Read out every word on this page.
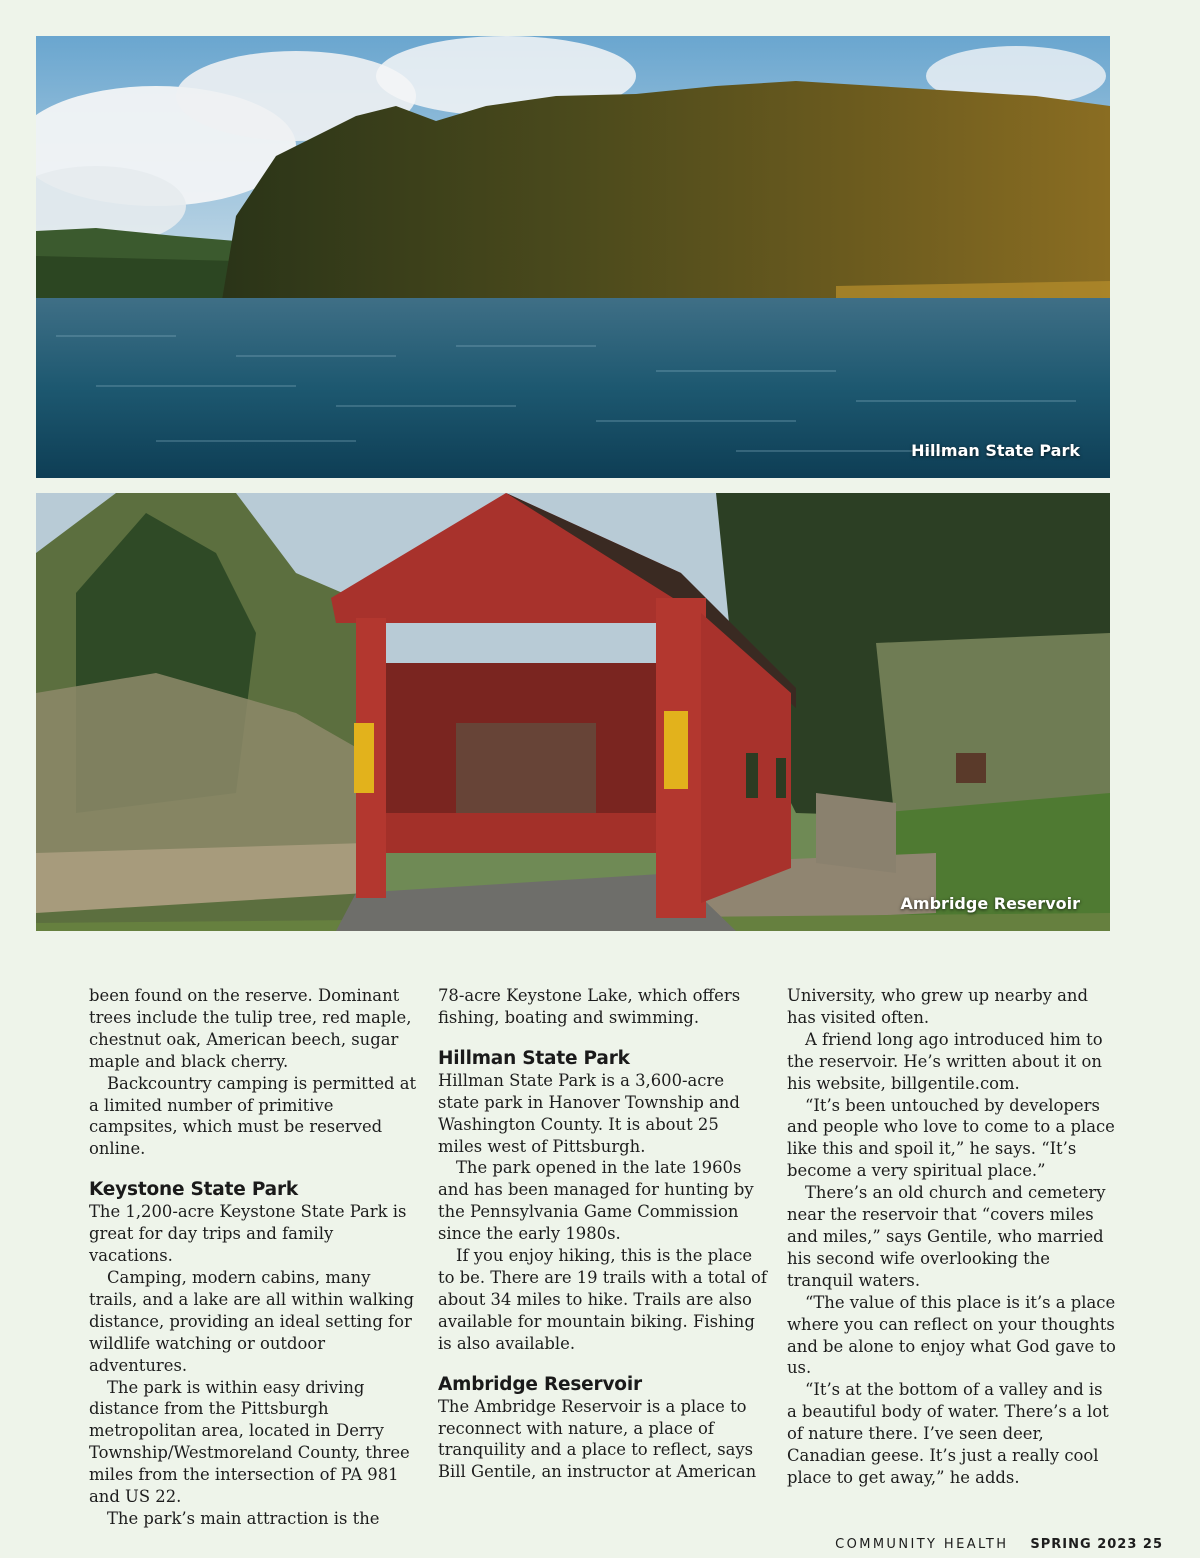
Hillman State Park
Ambridge Reservoir

been found on the reserve. Dominant trees include the tulip tree, red maple, chestnut oak, American beech, sugar maple and black cherry.

Backcountry camping is permitted at a limited number of primitive campsites, which must be reserved online.

Keystone State Park

The 1,200-acre Keystone State Park is great for day trips and family vacations.

Camping, modern cabins, many trails, and a lake are all within walking distance, providing an ideal setting for wildlife watching or outdoor adventures.

The park is within easy driving distance from the Pittsburgh metropolitan area, located in Derry Township/Westmoreland County, three miles from the intersection of PA 981 and US 22.

The park’s main attraction is the

78-acre Keystone Lake, which offers fishing, boating and swimming.

Hillman State Park

Hillman State Park is a 3,600-acre state park in Hanover Township and Washington County. It is about 25 miles west of Pittsburgh.

The park opened in the late 1960s and has been managed for hunting by the Pennsylvania Game Commission since the early 1980s.

If you enjoy hiking, this is the place to be. There are 19 trails with a total of about 34 miles to hike. Trails are also available for mountain biking. Fishing is also available.

Ambridge Reservoir

The Ambridge Reservoir is a place to reconnect with nature, a place of tranquility and a place to reflect, says Bill Gentile, an instructor at American

University, who grew up nearby and has visited often.

A friend long ago introduced him to the reservoir. He’s written about it on his website, billgentile.com.

“It’s been untouched by developers and people who love to come to a place like this and spoil it,” he says. “It’s become a very spiritual place.”

There’s an old church and cemetery near the reservoir that “covers miles and miles,” says Gentile, who married his second wife overlooking the tranquil waters.

“The value of this place is it’s a place where you can reflect on your thoughts and be alone to enjoy what God gave to us.

“It’s at the bottom of a valley and is a beautiful body of water. There’s a lot of nature there. I’ve seen deer, Canadian geese. It’s just a really cool place to get away,” he adds.

COMMUNITY HEALTH SPRING 2023 25
